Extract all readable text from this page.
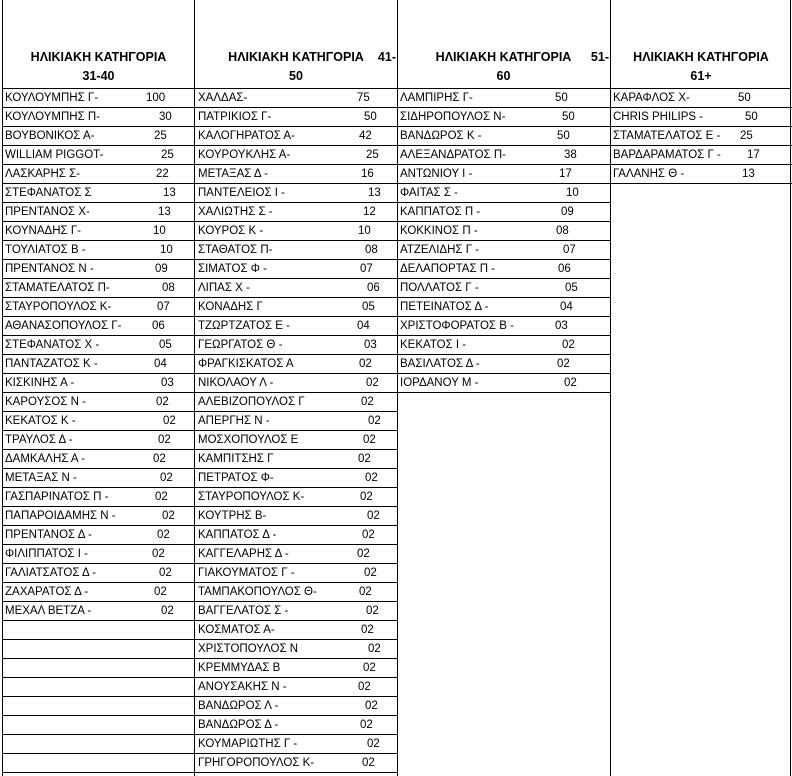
ΗΛΙΚΙΑΚΗ ΚΑΤΗΓΟΡΙΑ
31-40
ΚΟΥΛΟΥΜΠΗΣ Γ-	100
ΚΟΥΛΟΥΜΠΗΣ Π-	30
ΒΟΥΒΟΝΙΚΟΣ Α-	25
WILLIAM PIGGOT-	25
ΛΑΣΚΑΡΗΣ Σ-	22
ΣΤΕΦΑΝΑΤΟΣ Σ	13
ΠΡΕΝΤΑΝΟΣ Χ-	13
ΚΟΥΝΑΔΗΣ Γ-	10
ΤΟΥΛΙΑΤΟΣ Β -	10
ΠΡΕΝΤΑΝΟΣ Ν -	09
ΣΤΑΜΑΤΕΛΑΤΟΣ Π-	08
ΣΤΑΥΡΟΠΟΥΛΟΣ Κ-	07
ΑΘΑΝΑΣΟΠΟΥΛΟΣ Γ-	06
ΣΤΕΦΑΝΑΤΟΣ Χ -	05
ΠΑΝΤΑΖΑΤΟΣ Κ -	04
ΚΙΣΚΙΝΗΣ Α -	03
ΚΑΡΟΥΣΟΣ Ν -	02
ΚΕΚΑΤΟΣ Κ -	02
ΤΡΑΥΛΟΣ Δ -	02
ΔΑΜΚΑΛΗΣ Α -	02
ΜΕΤΑΞΑΣ Ν -	02
ΓΑΣΠΑΡΙΝΑΤΟΣ Π -	02
ΠΑΠΑΡΟΙΔΑΜΗΣ Ν -	02
ΠΡΕΝΤΑΝΟΣ Δ -	02
ΦΙΛΙΠΠΑΤΟΣ Ι -	02
ΓΑΛΙΑΤΣΑΤΟΣ Δ -	02
ΖΑΧΑΡΑΤΟΣ Δ -	02
ΜΕΧΑΛ ΒΕΤΖΑ -	02
ΗΛΙΚΙΑΚΗ ΚΑΤΗΓΟΡΙΑ
50
41-
ΧΑΛΔΑΣ-	75
ΠΑΤΡΙΚΙΟΣ Γ-	50
ΚΑΛΟΓΗΡΑΤΟΣ Α-	42
ΚΟΥΡΟΥΚΛΗΣ Α-	25
ΜΕΤΑΞΑΣ Δ -	16
ΠΑΝΤΕΛΕΙΟΣ Ι -	13
ΧΑΛΙΩΤΗΣ Σ -	12
ΚΟΥΡΟΣ Κ -	10
ΣΤΑΘΑΤΟΣ Π-	08
ΣΙΜΑΤΟΣ Φ -	07
ΛΙΠΑΣ Χ -	06
ΚΟΝΑΔΗΣ Γ	05
ΤΖΩΡΤΖΑΤΟΣ Ε -	04
ΓΕΩΡΓΑΤΟΣ Θ -	03
ΦΡΑΓΚΙΣΚΑΤΟΣ Α	02
ΝΙΚΟΛΑΟΥ Λ -	02
ΑΛΕΒΙΖΟΠΟΥΛΟΣ Γ	02
ΑΠΕΡΓΗΣ Ν -	02
ΜΟΣΧΟΠΟΥΛΟΣ Ε	02
ΚΑΜΠΙΤΣΗΣ Γ	02
ΠΕΤΡΑΤΟΣ Φ-	02
ΣΤΑΥΡΟΠΟΥΛΟΣ Κ-	02
ΚΟΥΤΡΗΣ Β-	02
ΚΑΠΠΑΤΟΣ Δ -	02
ΚΑΓΓΕΛΑΡΗΣ Δ -	02
ΓΙΑΚΟΥΜΑΤΟΣ Γ -	02
ΤΑΜΠΑΚΟΠΟΥΛΟΣ Θ-	02
ΒΑΓΓΕΛΑΤΟΣ Σ -	02
ΚΟΣΜΑΤΟΣ Α-	02
ΧΡΙΣΤΟΠΟΥΛΟΣ Ν	02
ΚΡΕΜΜΥΔΑΣ Β	02
ΑΝΟΥΣΑΚΗΣ Ν -	02
ΒΑΝΔΩΡΟΣ Λ -	02
ΒΑΝΔΩΡΟΣ Δ -	02
ΚΟΥΜΑΡΙΩΤΗΣ Γ -	02
ΓΡΗΓΟΡΟΠΟΥΛΟΣ Κ-	02
ΗΛΙΚΙΑΚΗ ΚΑΤΗΓΟΡΙΑ
60
51-
ΛΑΜΠΙΡΗΣ Γ-	50
ΣΙΔΗΡΟΠΟΥΛΟΣ Ν-	50
ΒΑΝΔΩΡΟΣ Κ -	50
ΑΛΕΞΑΝΔΡΑΤΟΣ Π-	38
ΑΝΤΩΝΙΟΥ Ι -	17
ΦΑΙΤΑΣ Σ -	10
ΚΑΠΠΑΤΟΣ Π -	09
ΚΟΚΚΙΝΟΣ Π -	08
ΑΤΖΕΛΙΔΗΣ Γ -	07
ΔΕΛΑΠΟΡΤΑΣ Π -	06
ΠΟΛΛΑΤΟΣ Γ -	05
ΠΕΤΕΙΝΑΤΟΣ Δ -	04
ΧΡΙΣΤΟΦΟΡΑΤΟΣ Β -	03
ΚΕΚΑΤΟΣ Ι -	02
ΒΑΣΙΛΑΤΟΣ Δ -	02
ΙΟΡΔΑΝΟΥ Μ -	02
ΗΛΙΚΙΑΚΗ ΚΑΤΗΓΟΡΙΑ
61+
ΚΑΡΑΦΛΟΣ Χ-	50
CHRIS PHILIPS -	50
ΣΤΑΜΑΤΕΛΑΤΟΣ Ε - 25
ΒΑΡΔΑΡΑΜΑΤΟΣ Γ - 17
ΓΑΛΑΝΗΣ Θ -	13
